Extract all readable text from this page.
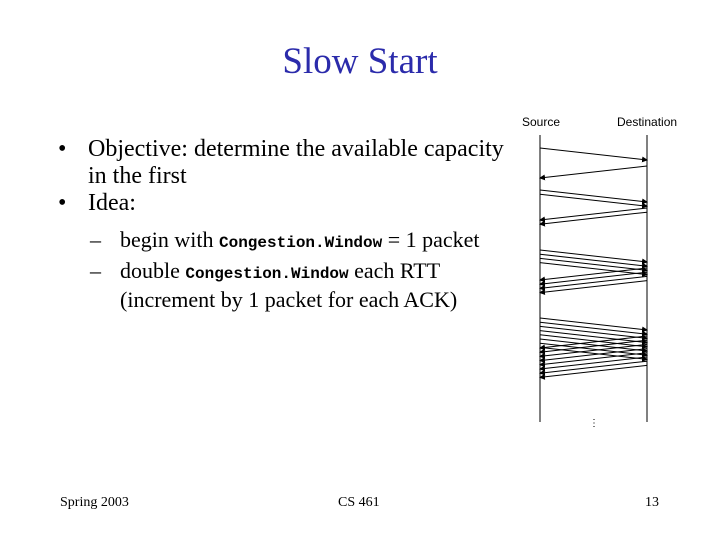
Slow Start
• Objective: determine the available capacity in the first
• Idea:
– begin with Congestion.Window = 1 packet
– double Congestion.Window each RTT (increment by 1 packet for each ACK)
Source	Destination
⋮
Spring 2003	CS 461	13
